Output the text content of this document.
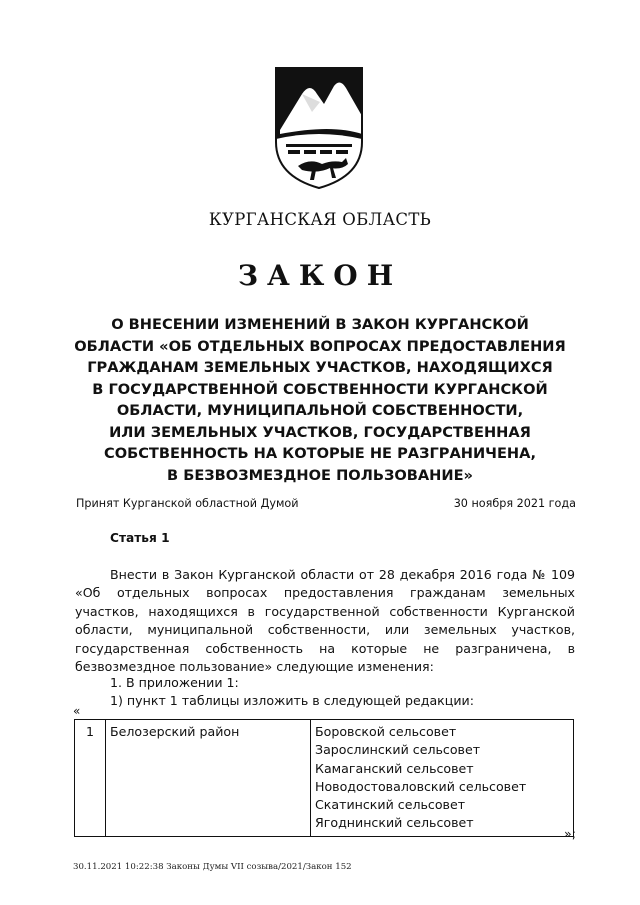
КУРГАНСКАЯ ОБЛАСТЬ
ЗАКОН
О ВНЕСЕНИИ ИЗМЕНЕНИЙ В ЗАКОН КУРГАНСКОЙ
ОБЛАСТИ «ОБ ОТДЕЛЬНЫХ ВОПРОСАХ ПРЕДОСТАВЛЕНИЯ
ГРАЖДАНАМ ЗЕМЕЛЬНЫХ УЧАСТКОВ, НАХОДЯЩИХСЯ
В ГОСУДАРСТВЕННОЙ СОБСТВЕННОСТИ КУРГАНСКОЙ
ОБЛАСТИ, МУНИЦИПАЛЬНОЙ СОБСТВЕННОСТИ,
ИЛИ ЗЕМЕЛЬНЫХ УЧАСТКОВ, ГОСУДАРСТВЕННАЯ
СОБСТВЕННОСТЬ НА КОТОРЫЕ НЕ РАЗГРАНИЧЕНА,
В БЕЗВОЗМЕЗДНОЕ ПОЛЬЗОВАНИЕ»
Принят Курганской областной Думой	30 ноября 2021 года
Статья 1
Внести в Закон Курганской области от 28 декабря 2016 года № 109 «Об отдельных вопросах предоставления гражданам земельных участков, находящихся в государственной собственности Курганской области, муниципальной собственности, или земельных участков, государственная собственность на которые не разграничена, в безвозмездное пользование» следующие изменения:
1. В приложении 1:
1) пункт 1 таблицы изложить в следующей редакции:
«
1	Белозерский район	Боровской сельсовет
Зарослинский сельсовет
Камаганский сельсовет
Новодостоваловский сельсовет
Скатинский сельсовет
Ягоднинский сельсовет
»;
30.11.2021 10:22:38 Законы Думы VII созыва/2021/Закон 152
